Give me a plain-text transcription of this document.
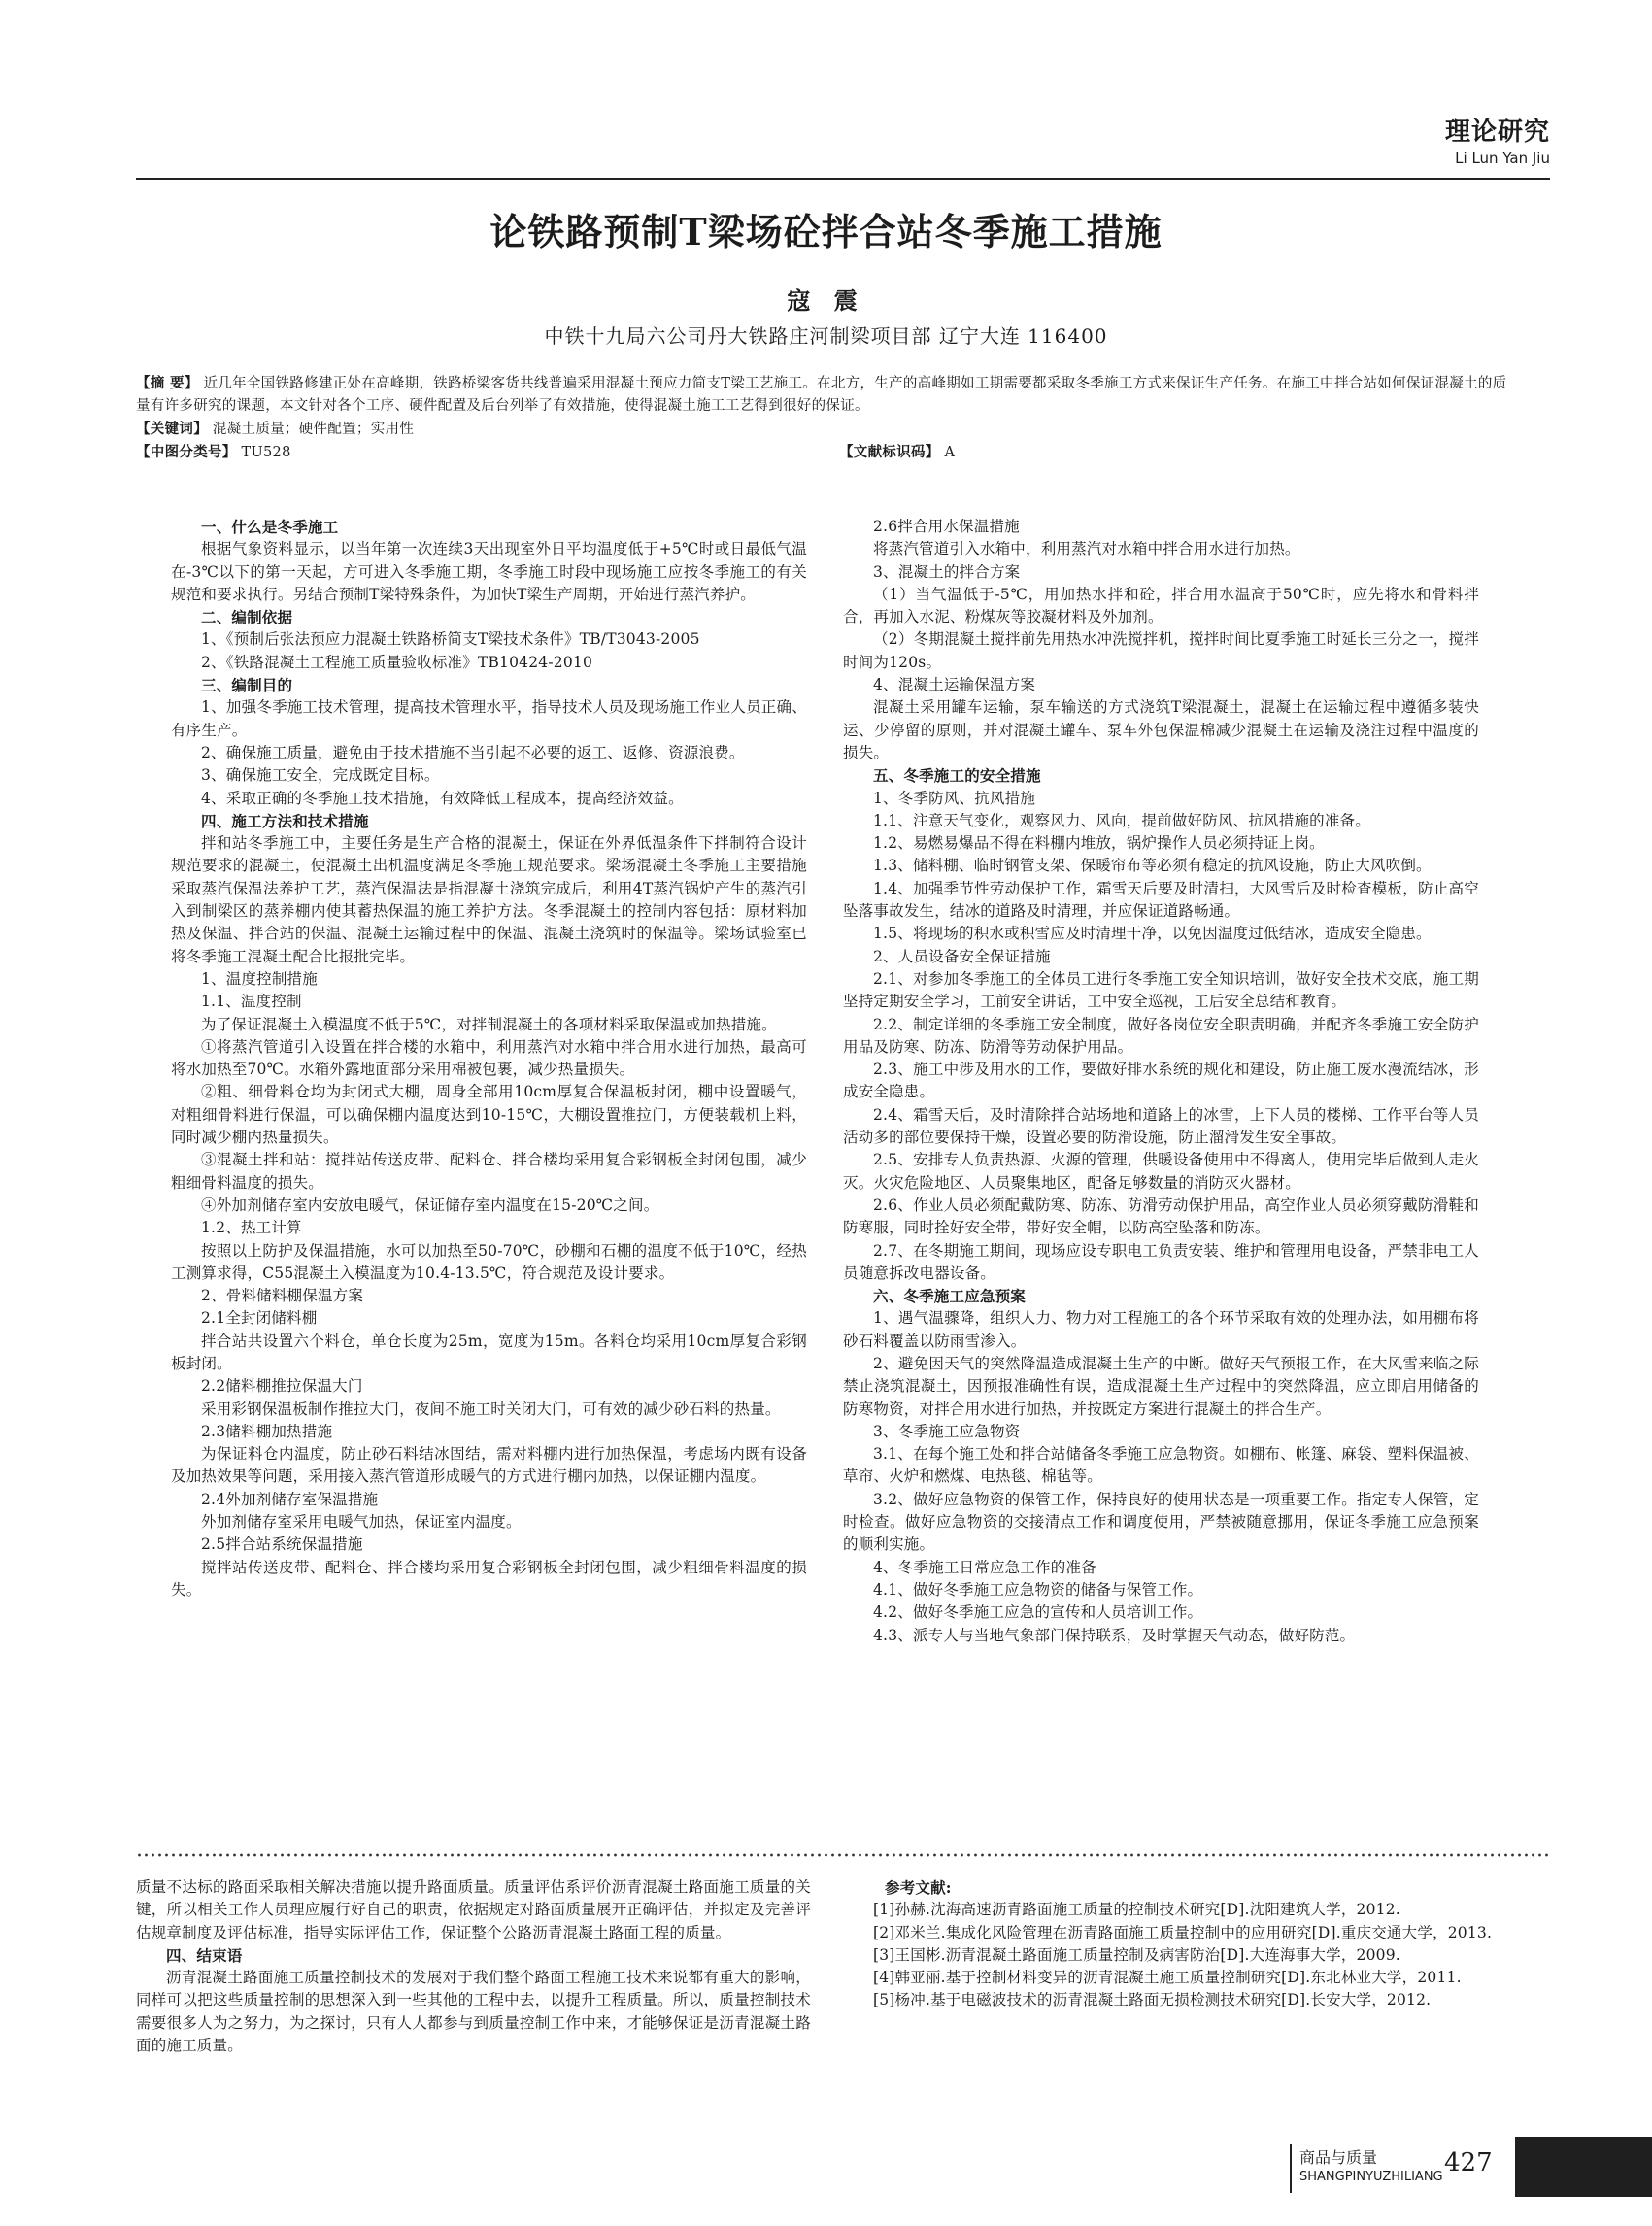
理论研究
Li Lun Yan Jiu
论铁路预制T梁场砼拌合站冬季施工措施
寇 震
中铁十九局六公司丹大铁路庄河制梁项目部 辽宁大连 116400

【摘 要】 近几年全国铁路修建正处在高峰期，铁路桥梁客货共线普遍采用混凝土预应力简支T梁工艺施工。在北方，生产的高峰期如工期需要都采取冬季施工方式来保证生产任务。在施工中拌合站如何保证混凝土的质量有许多研究的课题，本文针对各个工序、硬件配置及后台列举了有效措施，使得混凝土施工工艺得到很好的保证。

【关键词】 混凝土质量；硬件配置；实用性

【中图分类号】 TU528	【文献标识码】 A

一、什么是冬季施工

根据气象资料显示，以当年第一次连续3天出现室外日平均温度低于+5℃时或日最低气温在-3℃以下的第一天起，方可进入冬季施工期，冬季施工时段中现场施工应按冬季施工的有关规范和要求执行。另结合预制T梁特殊条件，为加快T梁生产周期，开始进行蒸汽养护。

二、编制依据

1、《预制后张法预应力混凝土铁路桥简支T梁技术条件》TB/T3043-2005

2、《铁路混凝土工程施工质量验收标准》TB10424-2010

三、编制目的

1、加强冬季施工技术管理，提高技术管理水平，指导技术人员及现场施工作业人员正确、有序生产。

2、确保施工质量，避免由于技术措施不当引起不必要的返工、返修、资源浪费。

3、确保施工安全，完成既定目标。

4、采取正确的冬季施工技术措施，有效降低工程成本，提高经济效益。

四、施工方法和技术措施

拌和站冬季施工中，主要任务是生产合格的混凝土，保证在外界低温条件下拌制符合设计规范要求的混凝土，使混凝土出机温度满足冬季施工规范要求。梁场混凝土冬季施工主要措施采取蒸汽保温法养护工艺，蒸汽保温法是指混凝土浇筑完成后，利用4T蒸汽锅炉产生的蒸汽引入到制梁区的蒸养棚内使其蓄热保温的施工养护方法。冬季混凝土的控制内容包括：原材料加热及保温、拌合站的保温、混凝土运输过程中的保温、混凝土浇筑时的保温等。梁场试验室已将冬季施工混凝土配合比报批完毕。

1、温度控制措施

1.1、温度控制

为了保证混凝土入模温度不低于5℃，对拌制混凝土的各项材料采取保温或加热措施。

①将蒸汽管道引入设置在拌合楼的水箱中，利用蒸汽对水箱中拌合用水进行加热，最高可将水加热至70℃。水箱外露地面部分采用棉被包裹，减少热量损失。

②粗、细骨料仓均为封闭式大棚，周身全部用10cm厚复合保温板封闭，棚中设置暖气，对粗细骨料进行保温，可以确保棚内温度达到10-15℃，大棚设置推拉门，方便装载机上料，同时减少棚内热量损失。

③混凝土拌和站：搅拌站传送皮带、配料仓、拌合楼均采用复合彩钢板全封闭包围，减少粗细骨料温度的损失。

④外加剂储存室内安放电暖气，保证储存室内温度在15-20℃之间。

1.2、热工计算

按照以上防护及保温措施，水可以加热至50-70℃，砂棚和石棚的温度不低于10℃，经热工测算求得，C55混凝土入模温度为10.4-13.5℃，符合规范及设计要求。

2、骨料储料棚保温方案

2.1全封闭储料棚

拌合站共设置六个料仓，单仓长度为25m，宽度为15m。各料仓均采用10cm厚复合彩钢板封闭。

2.2储料棚推拉保温大门

采用彩钢保温板制作推拉大门，夜间不施工时关闭大门，可有效的减少砂石料的热量。

2.3储料棚加热措施

为保证料仓内温度，防止砂石料结冰固结，需对料棚内进行加热保温，考虑场内既有设备及加热效果等问题，采用接入蒸汽管道形成暖气的方式进行棚内加热，以保证棚内温度。

2.4外加剂储存室保温措施

外加剂储存室采用电暖气加热，保证室内温度。

2.5拌合站系统保温措施

搅拌站传送皮带、配料仓、拌合楼均采用复合彩钢板全封闭包围，减少粗细骨料温度的损失。

2.6拌合用水保温措施

将蒸汽管道引入水箱中，利用蒸汽对水箱中拌合用水进行加热。

3、混凝土的拌合方案

（1）当气温低于-5℃，用加热水拌和砼，拌合用水温高于50℃时，应先将水和骨料拌合，再加入水泥、粉煤灰等胶凝材料及外加剂。

（2）冬期混凝土搅拌前先用热水冲洗搅拌机，搅拌时间比夏季施工时延长三分之一，搅拌时间为120s。

4、混凝土运输保温方案

混凝土采用罐车运输，泵车输送的方式浇筑T梁混凝土，混凝土在运输过程中遵循多装快运、少停留的原则，并对混凝土罐车、泵车外包保温棉减少混凝土在运输及浇注过程中温度的损失。

五、冬季施工的安全措施

1、冬季防风、抗风措施

1.1、注意天气变化，观察风力、风向，提前做好防风、抗风措施的准备。

1.2、易燃易爆品不得在料棚内堆放，锅炉操作人员必须持证上岗。

1.3、储料棚、临时钢管支架、保暖帘布等必须有稳定的抗风设施，防止大风吹倒。

1.4、加强季节性劳动保护工作，霜雪天后要及时清扫，大风雪后及时检查模板，防止高空坠落事故发生，结冰的道路及时清理，并应保证道路畅通。

1.5、将现场的积水或积雪应及时清理干净，以免因温度过低结冰，造成安全隐患。

2、人员设备安全保证措施

2.1、对参加冬季施工的全体员工进行冬季施工安全知识培训，做好安全技术交底，施工期坚持定期安全学习，工前安全讲话，工中安全巡视，工后安全总结和教育。

2.2、制定详细的冬季施工安全制度，做好各岗位安全职责明确，并配齐冬季施工安全防护用品及防寒、防冻、防滑等劳动保护用品。

2.3、施工中涉及用水的工作，要做好排水系统的规化和建设，防止施工废水漫流结冰，形成安全隐患。

2.4、霜雪天后，及时清除拌合站场地和道路上的冰雪，上下人员的楼梯、工作平台等人员活动多的部位要保持干燥，设置必要的防滑设施，防止溜滑发生安全事故。

2.5、安排专人负责热源、火源的管理，供暖设备使用中不得离人，使用完毕后做到人走火灭。火灾危险地区、人员聚集地区，配备足够数量的消防灭火器材。

2.6、作业人员必须配戴防寒、防冻、防滑劳动保护用品，高空作业人员必须穿戴防滑鞋和防寒服，同时拴好安全带，带好安全帽，以防高空坠落和防冻。

2.7、在冬期施工期间，现场应设专职电工负责安装、维护和管理用电设备，严禁非电工人员随意拆改电器设备。

六、冬季施工应急预案

1、遇气温骤降，组织人力、物力对工程施工的各个环节采取有效的处理办法，如用棚布将砂石料覆盖以防雨雪渗入。

2、避免因天气的突然降温造成混凝土生产的中断。做好天气预报工作，在大风雪来临之际禁止浇筑混凝土，因预报准确性有误，造成混凝土生产过程中的突然降温，应立即启用储备的防寒物资，对拌合用水进行加热，并按既定方案进行混凝土的拌合生产。

3、冬季施工应急物资

3.1、在每个施工处和拌合站储备冬季施工应急物资。如棚布、帐篷、麻袋、塑料保温被、草帘、火炉和燃煤、电热毯、棉毡等。

3.2、做好应急物资的保管工作，保持良好的使用状态是一项重要工作。指定专人保管，定时检查。做好应急物资的交接清点工作和调度使用，严禁被随意挪用，保证冬季施工应急预案的顺利实施。

4、冬季施工日常应急工作的准备

4.1、做好冬季施工应急物资的储备与保管工作。

4.2、做好冬季施工应急的宣传和人员培训工作。

4.3、派专人与当地气象部门保持联系，及时掌握天气动态，做好防范。

质量不达标的路面采取相关解决措施以提升路面质量。质量评估系评价沥青混凝土路面施工质量的关键，所以相关工作人员理应履行好自己的职责，依据规定对路面质量展开正确评估，并拟定及完善评估规章制度及评估标准，指导实际评估工作，保证整个公路沥青混凝土路面工程的质量。

四、结束语

沥青混凝土路面施工质量控制技术的发展对于我们整个路面工程施工技术来说都有重大的影响，同样可以把这些质量控制的思想深入到一些其他的工程中去，以提升工程质量。所以，质量控制技术需要很多人为之努力，为之探讨，只有人人都参与到质量控制工作中来，才能够保证是沥青混凝土路面的施工质量。

参考文献:

[1]孙赫.沈海高速沥青路面施工质量的控制技术研究[D].沈阳建筑大学，2012.

[2]邓米兰.集成化风险管理在沥青路面施工质量控制中的应用研究[D].重庆交通大学，2013.

[3]王国彬.沥青混凝土路面施工质量控制及病害防治[D].大连海事大学，2009.

[4]韩亚丽.基于控制材料变异的沥青混凝土施工质量控制研究[D].东北林业大学，2011.

[5]杨冲.基于电磁波技术的沥青混凝土路面无损检测技术研究[D].长安大学，2012.

商品与质量
SHANGPINYUZHILIANG 427
